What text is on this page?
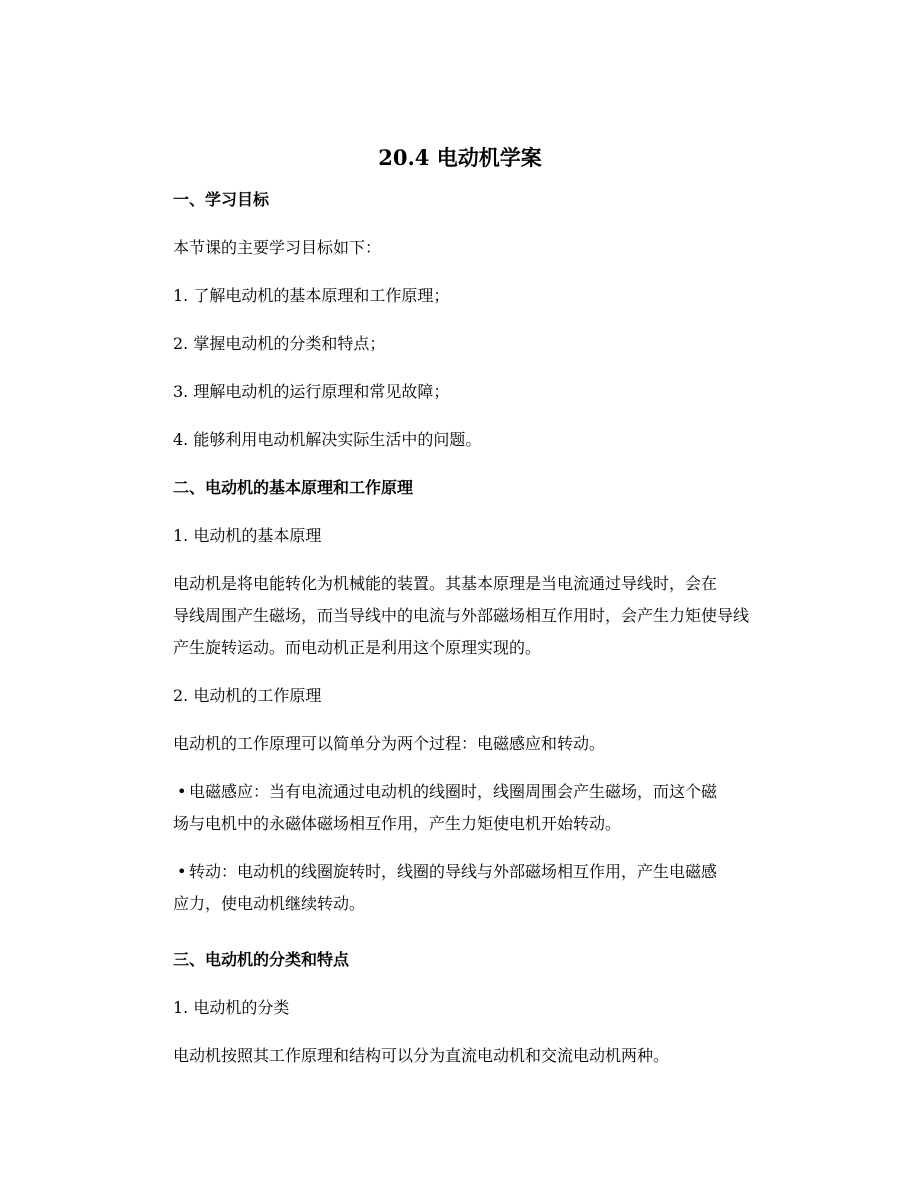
20.4 电动机学案
一、学习目标
本节课的主要学习目标如下：
1. 了解电动机的基本原理和工作原理；
2. 掌握电动机的分类和特点；
3. 理解电动机的运行原理和常见故障；
4. 能够利用电动机解决实际生活中的问题。
二、电动机的基本原理和工作原理
1. 电动机的基本原理
电动机是将电能转化为机械能的装置。其基本原理是当电流通过导线时，会在
导线周围产生磁场，而当导线中的电流与外部磁场相互作用时，会产生力矩使导线
产生旋转运动。而电动机正是利用这个原理实现的。
2. 电动机的工作原理
电动机的工作原理可以简单分为两个过程：电磁感应和转动。
• 电磁感应：当有电流通过电动机的线圈时，线圈周围会产生磁场，而这个磁
场与电机中的永磁体磁场相互作用，产生力矩使电机开始转动。
• 转动：电动机的线圈旋转时，线圈的导线与外部磁场相互作用，产生电磁感
应力，使电动机继续转动。
三、电动机的分类和特点
1. 电动机的分类
电动机按照其工作原理和结构可以分为直流电动机和交流电动机两种。
